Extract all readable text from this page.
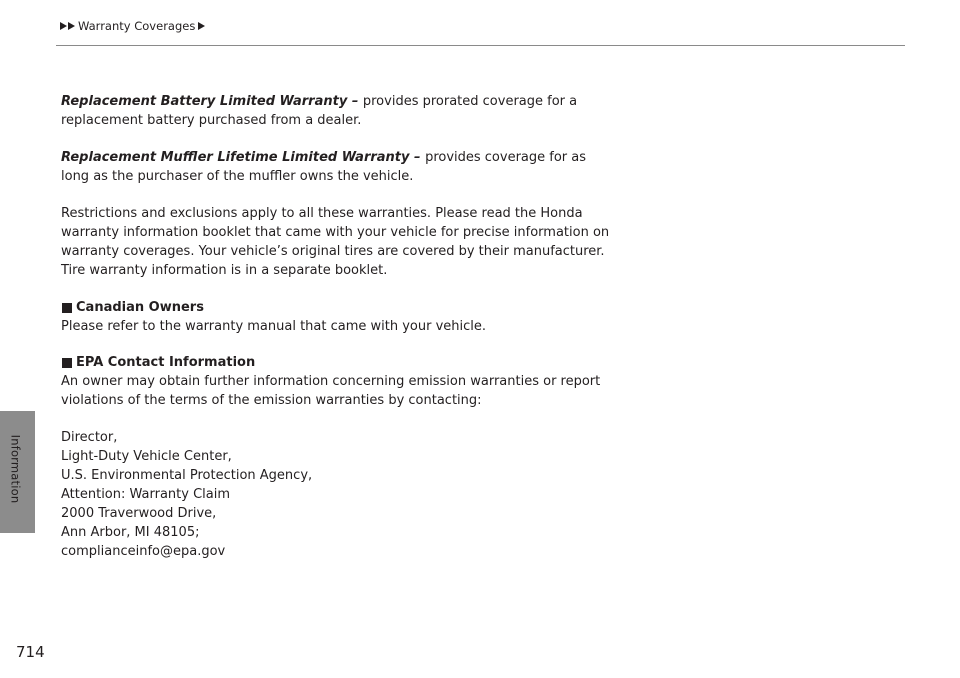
Warranty Coverages
Information

Replacement Battery Limited Warranty – provides prorated coverage for a
replacement battery purchased from a dealer.

Replacement Muffler Lifetime Limited Warranty – provides coverage for as
long as the purchaser of the muffler owns the vehicle.

Restrictions and exclusions apply to all these warranties. Please read the Honda
warranty information booklet that came with your vehicle for precise information on
warranty coverages. Your vehicle’s original tires are covered by their manufacturer.
Tire warranty information is in a separate booklet.

Canadian Owners

Please refer to the warranty manual that came with your vehicle.

EPA Contact Information

An owner may obtain further information concerning emission warranties or report
violations of the terms of the emission warranties by contacting:

Director,
Light-Duty Vehicle Center,
U.S. Environmental Protection Agency,
Attention: Warranty Claim
2000 Traverwood Drive,
Ann Arbor, MI 48105;
complianceinfo@epa.gov

714
